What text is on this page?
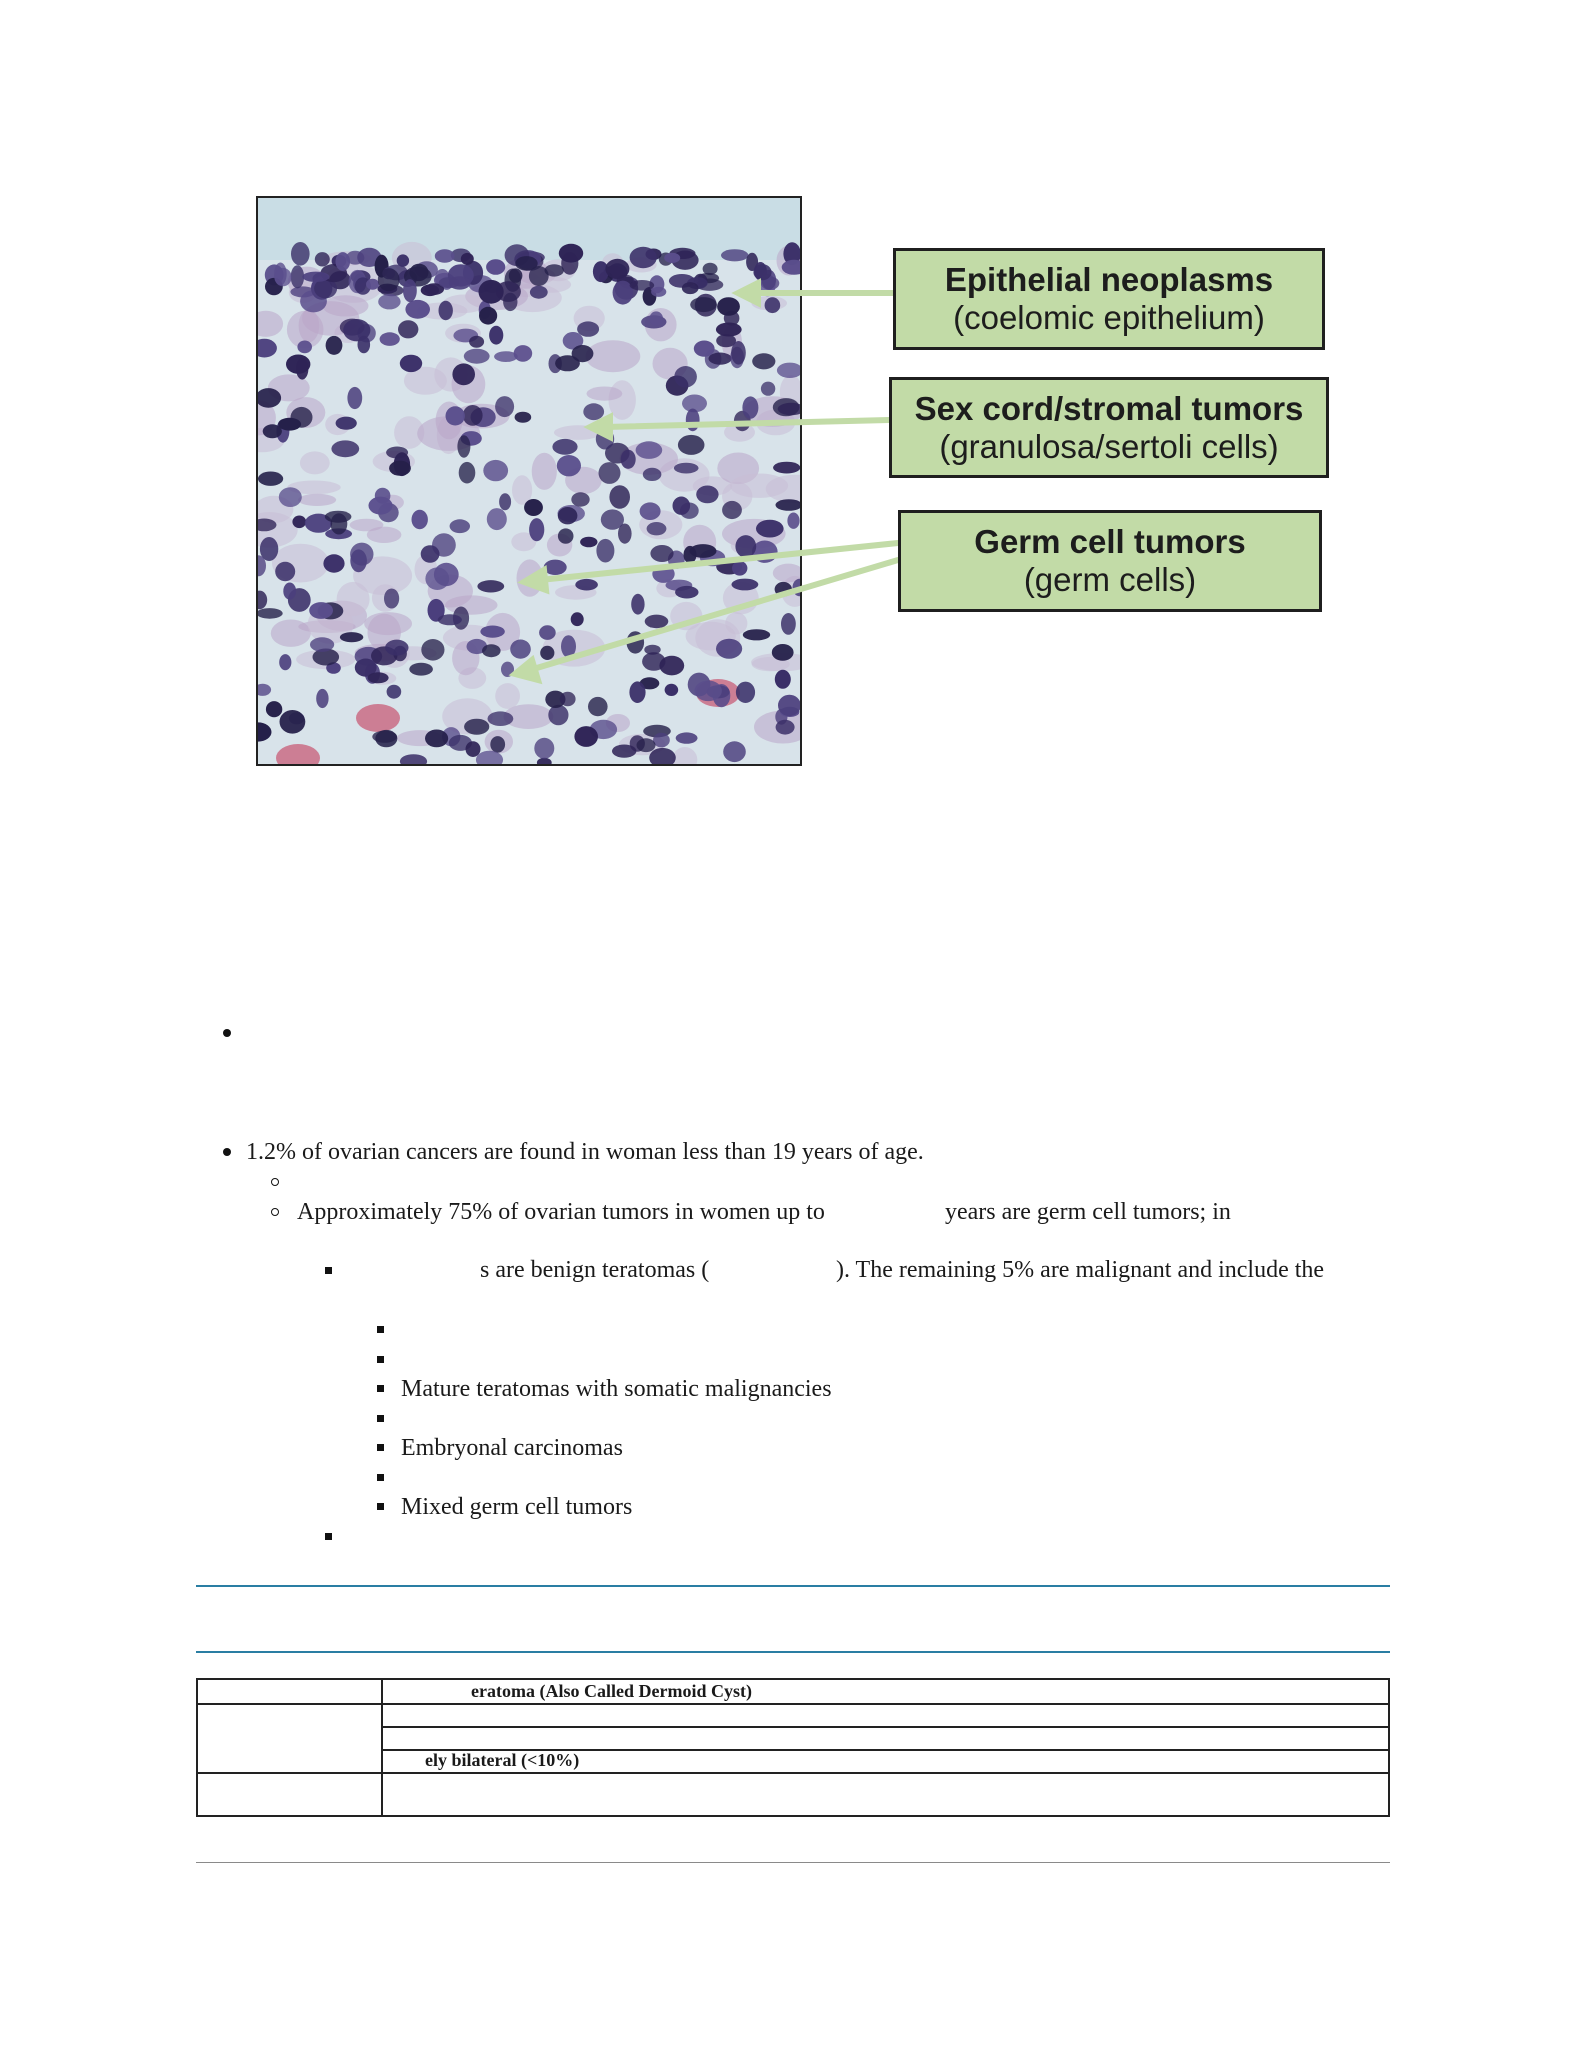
Epithelial neoplasms
(coelomic epithelium)
Sex cord/stromal tumors
(granulosa/sertoli cells)
Germ cell tumors
(germ cells)
1.2% of ovarian cancers are found in woman less than 19 years of age.
Approximately 75% of ovarian tumors in women up to	years are germ cell tumors; in
s are benign teratomas (	). The remaining 5% are malignant and include the
Mature teratomas with somatic malignancies
Embryonal carcinomas
Mixed germ cell tumors
eratoma (Also Called Dermoid Cyst)
ely bilateral (<10%)
